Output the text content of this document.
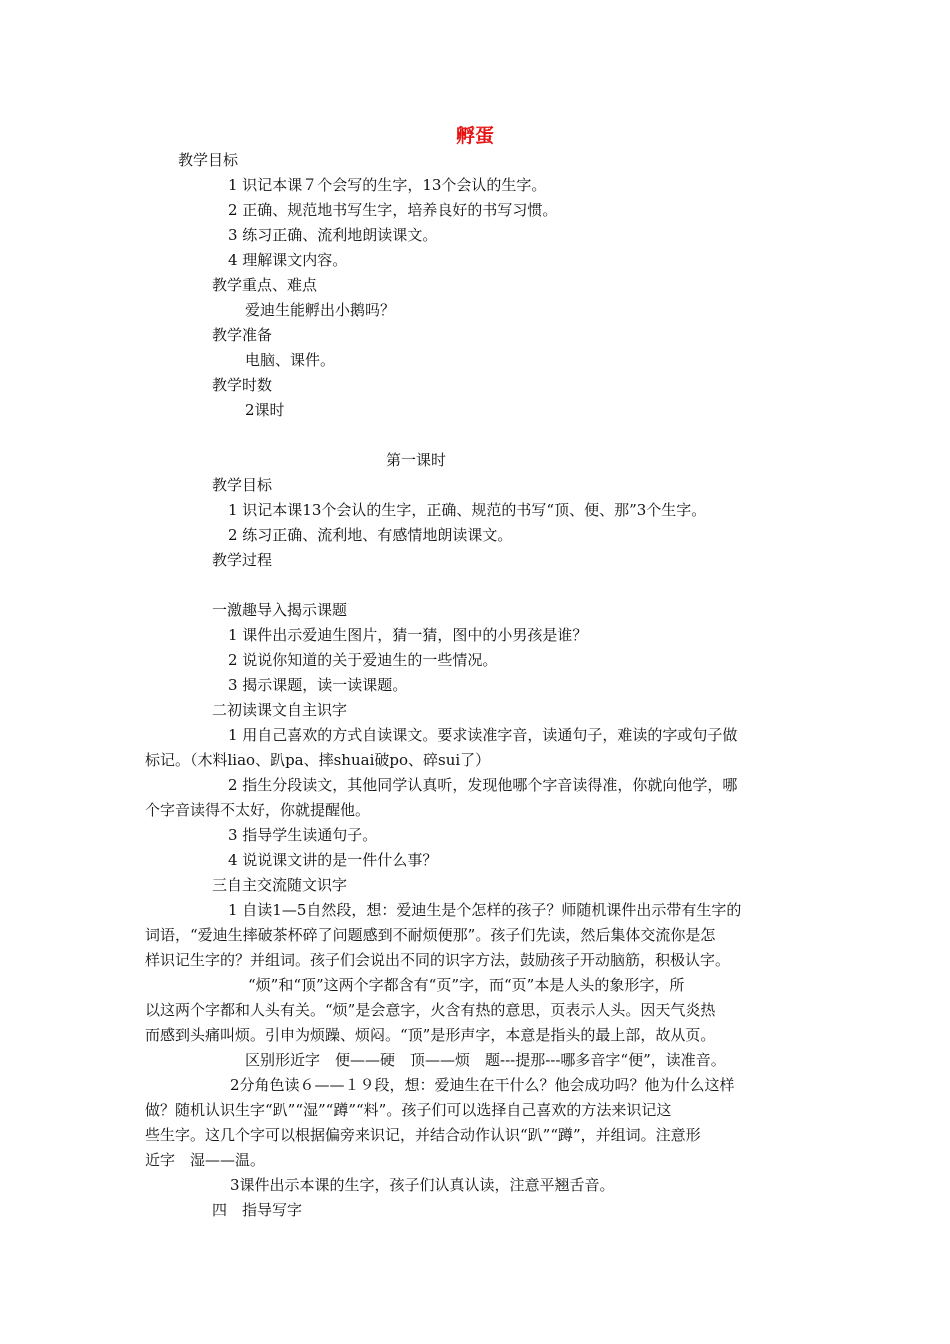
孵蛋
教学目标
1 识记本课７个会写的生字，13个会认的生字。
2 正确、规范地书写生字，培养良好的书写习惯。
3 练习正确、流利地朗读课文。
4 理解课文内容。
教学重点、难点
爱迪生能孵出小鹅吗？
教学准备
电脑、课件。
教学时数
2课时
第一课时
教学目标
1 识记本课13个会认的生字，正确、规范的书写“顶、便、那”3个生字。
2 练习正确、流利地、有感情地朗读课文。
教学过程
一激趣导入揭示课题
1 课件出示爱迪生图片，猜一猜，图中的小男孩是谁？
2 说说你知道的关于爱迪生的一些情况。
3 揭示课题，读一读课题。
二初读课文自主识字
1 用自己喜欢的方式自读课文。要求读准字音，读通句子，难读的字或句子做
标记。（木料liao、趴pa、摔shuai破po、碎sui了）
2 指生分段读文，其他同学认真听，发现他哪个字音读得准，你就向他学，哪
个字音读得不太好，你就提醒他。
3 指导学生读通句子。
4 说说课文讲的是一件什么事？
三自主交流随文识字
1 自读1—5自然段，想：爱迪生是个怎样的孩子？师随机课件出示带有生字的
词语，“爱迪生摔破茶杯碎了问题感到不耐烦便那”。孩子们先读，然后集体交流你是怎
样识记生字的？并组词。孩子们会说出不同的识字方法，鼓励孩子开动脑筋，积极认字。
“烦”和“顶”这两个字都含有“页”字，而“页”本是人头的象形字，所
以这两个字都和人头有关。“烦”是会意字，火含有热的意思，页表示人头。因天气炎热
而感到头痛叫烦。引申为烦躁、烦闷。“顶”是形声字，本意是指头的最上部，故从页。
区别形近字　便——硬　顶——烦　题---提那---哪多音字“便”，读准音。
2分角色读６——１９段，想：爱迪生在干什么？他会成功吗？他为什么这样
做？随机认识生字“趴”“湿”“蹲”“料”。孩子们可以选择自己喜欢的方法来识记这
些生字。这几个字可以根据偏旁来识记，并结合动作认识“趴”“蹲”，并组词。注意形
近字　湿——温。
3课件出示本课的生字，孩子们认真认读，注意平翘舌音。
四　指导写字
